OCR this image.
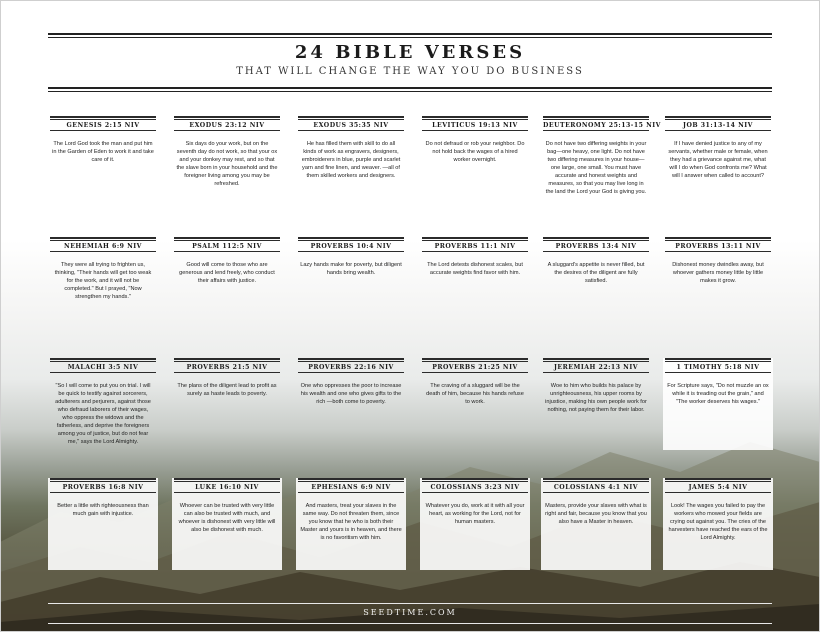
24 BIBLE VERSES
THAT WILL CHANGE THE WAY YOU DO BUSINESS
GENESIS 2:15 NIV
The Lord God took the man and put him in the Garden of Eden to work it and take care of it.
EXODUS 23:12 NIV
Six days do your work, but on the seventh day do not work, so that your ox and your donkey may rest, and so that the slave born in your household and the foreigner living among you may be refreshed.
EXODUS 35:35 NIV
He has filled them with skill to do all kinds of work as engravers, designers, embroiderers in blue, purple and scarlet yarn and fine linen, and weaver. —all of them skilled workers and designers.
LEVITICUS 19:13 NIV
Do not defraud or rob your neighbor. Do not hold back the wages of a hired worker overnight.
DEUTERONOMY 25:13-15 NIV
Do not have two differing weights in your bag—one heavy, one light. Do not have two differing measures in your house—one large, one small. You must have accurate and honest weights and measures, so that you may live long in the land the Lord your God is giving you.
JOB 31:13-14 NIV
If I have denied justice to any of my servants, whether male or female, when they had a grievance against me, what will I do when God confronts me? What will I answer when called to account?
NEHEMIAH 6:9 NIV
They were all trying to frighten us, thinking, "Their hands will get too weak for the work, and it will not be completed." But I prayed, "Now strengthen my hands."
PSALM 112:5 NIV
Good will come to those who are generous and lend freely, who conduct their affairs with justice.
PROVERBS 10:4 NIV
Lazy hands make for poverty, but diligent hands bring wealth.
PROVERBS 11:1 NIV
The Lord detests dishonest scales, but accurate weights find favor with him.
PROVERBS 13:4 NIV
A sluggard's appetite is never filled, but the desires of the diligent are fully satisfied.
PROVERBS 13:11 NIV
Dishonest money dwindles away, but whoever gathers money little by little makes it grow.
MALACHI 3:5 NIV
"So I will come to put you on trial. I will be quick to testify against sorcerers, adulterers and perjurers, against those who defraud laborers of their wages, who oppress the widows and the fatherless, and deprive the foreigners among you of justice, but do not fear me," says the Lord Almighty.
PROVERBS 21:5 NIV
The plans of the diligent lead to profit as surely as haste leads to poverty.
PROVERBS 22:16 NIV
One who oppresses the poor to increase his wealth and one who gives gifts to the rich —both come to poverty.
PROVERBS 21:25 NIV
The craving of a sluggard will be the death of him, because his hands refuse to work.
JEREMIAH 22:13 NIV
Woe to him who builds his palace by unrighteousness, his upper rooms by injustice, making his own people work for nothing, not paying them for their labor.
1 TIMOTHY 5:18 NIV
For Scripture says, "Do not muzzle an ox while it is treading out the grain," and "The worker deserves his wages."
PROVERBS 16:8 NIV
Better a little with righteousness than much gain with injustice.
LUKE 16:10 NIV
Whoever can be trusted with very little can also be trusted with much, and whoever is dishonest with very little will also be dishonest with much.
EPHESIANS 6:9 NIV
And masters, treat your slaves in the same way. Do not threaten them, since you know that he who is both their Master and yours is in heaven, and there is no favoritism with him.
COLOSSIANS 3:23 NIV
Whatever you do, work at it with all your heart, as working for the Lord, not for human masters.
COLOSSIANS 4:1 NIV
Masters, provide your slaves with what is right and fair, because you know that you also have a Master in heaven.
JAMES 5:4 NIV
Look! The wages you failed to pay the workers who mowed your fields are crying out against you. The cries of the harvesters have reached the ears of the Lord Almighty.
SEEDTIME.COM
